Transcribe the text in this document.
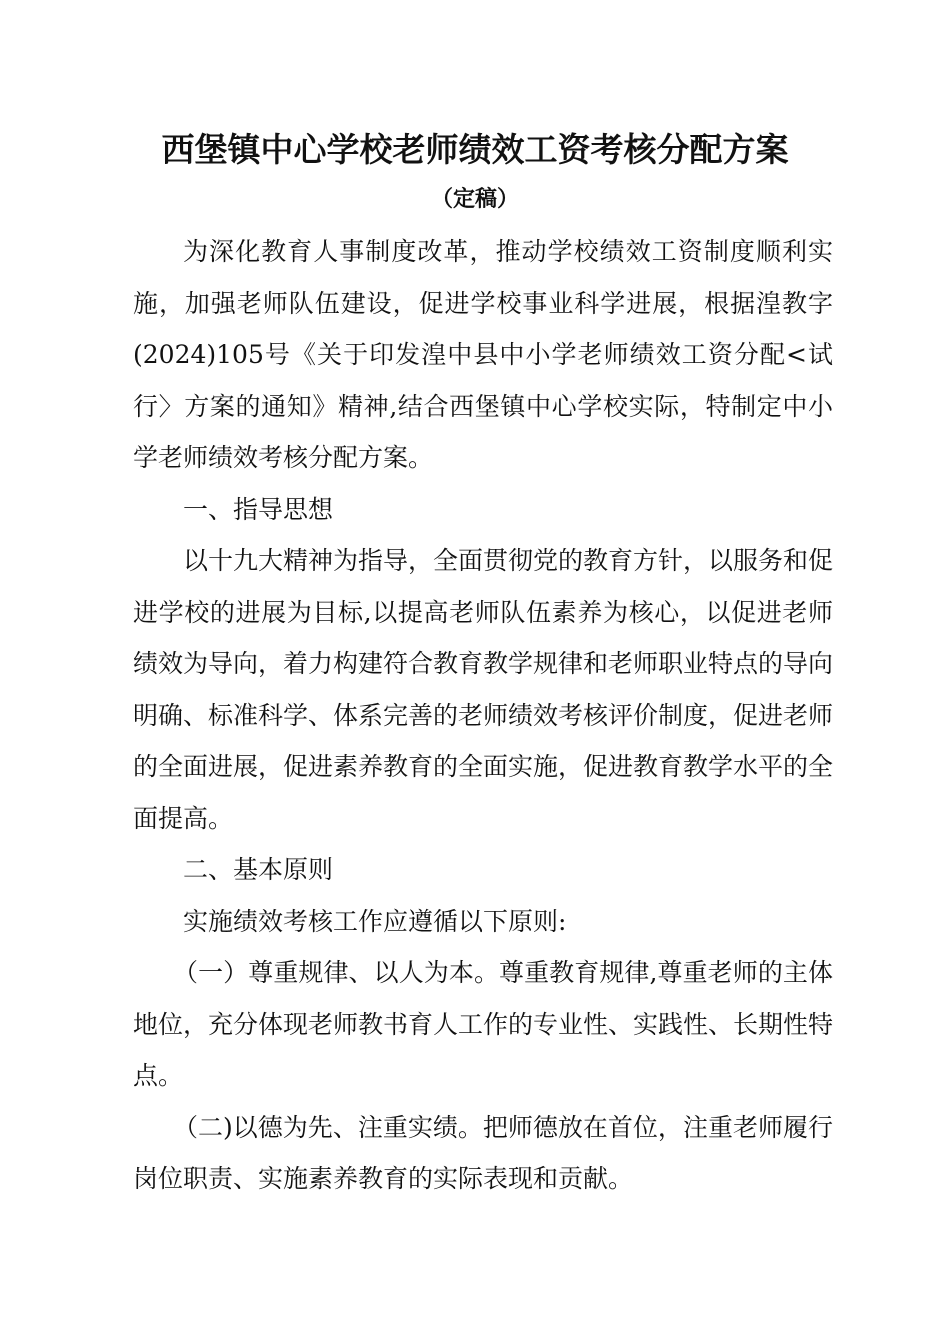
西堡镇中心学校老师绩效工资考核分配方案
（定稿）

为深化教育人事制度改革，推动学校绩效工资制度顺利实施，加强老师队伍建设，促进学校事业科学进展，根据湟教字(2024)105号《关于印发湟中县中小学老师绩效工资分配<试行〉方案的通知》精神,结合西堡镇中心学校实际，特制定中小学老师绩效考核分配方案。

一、指导思想

以十九大精神为指导，全面贯彻党的教育方针，以服务和促进学校的进展为目标,以提高老师队伍素养为核心，以促进老师绩效为导向，着力构建符合教育教学规律和老师职业特点的导向明确、标准科学、体系完善的老师绩效考核评价制度，促进老师的全面进展，促进素养教育的全面实施，促进教育教学水平的全面提高。

二、基本原则

实施绩效考核工作应遵循以下原则:

（一）尊重规律、以人为本。尊重教育规律,尊重老师的主体地位，充分体现老师教书育人工作的专业性、实践性、长期性特点。

（二)以德为先、注重实绩。把师德放在首位，注重老师履行岗位职责、实施素养教育的实际表现和贡献。
